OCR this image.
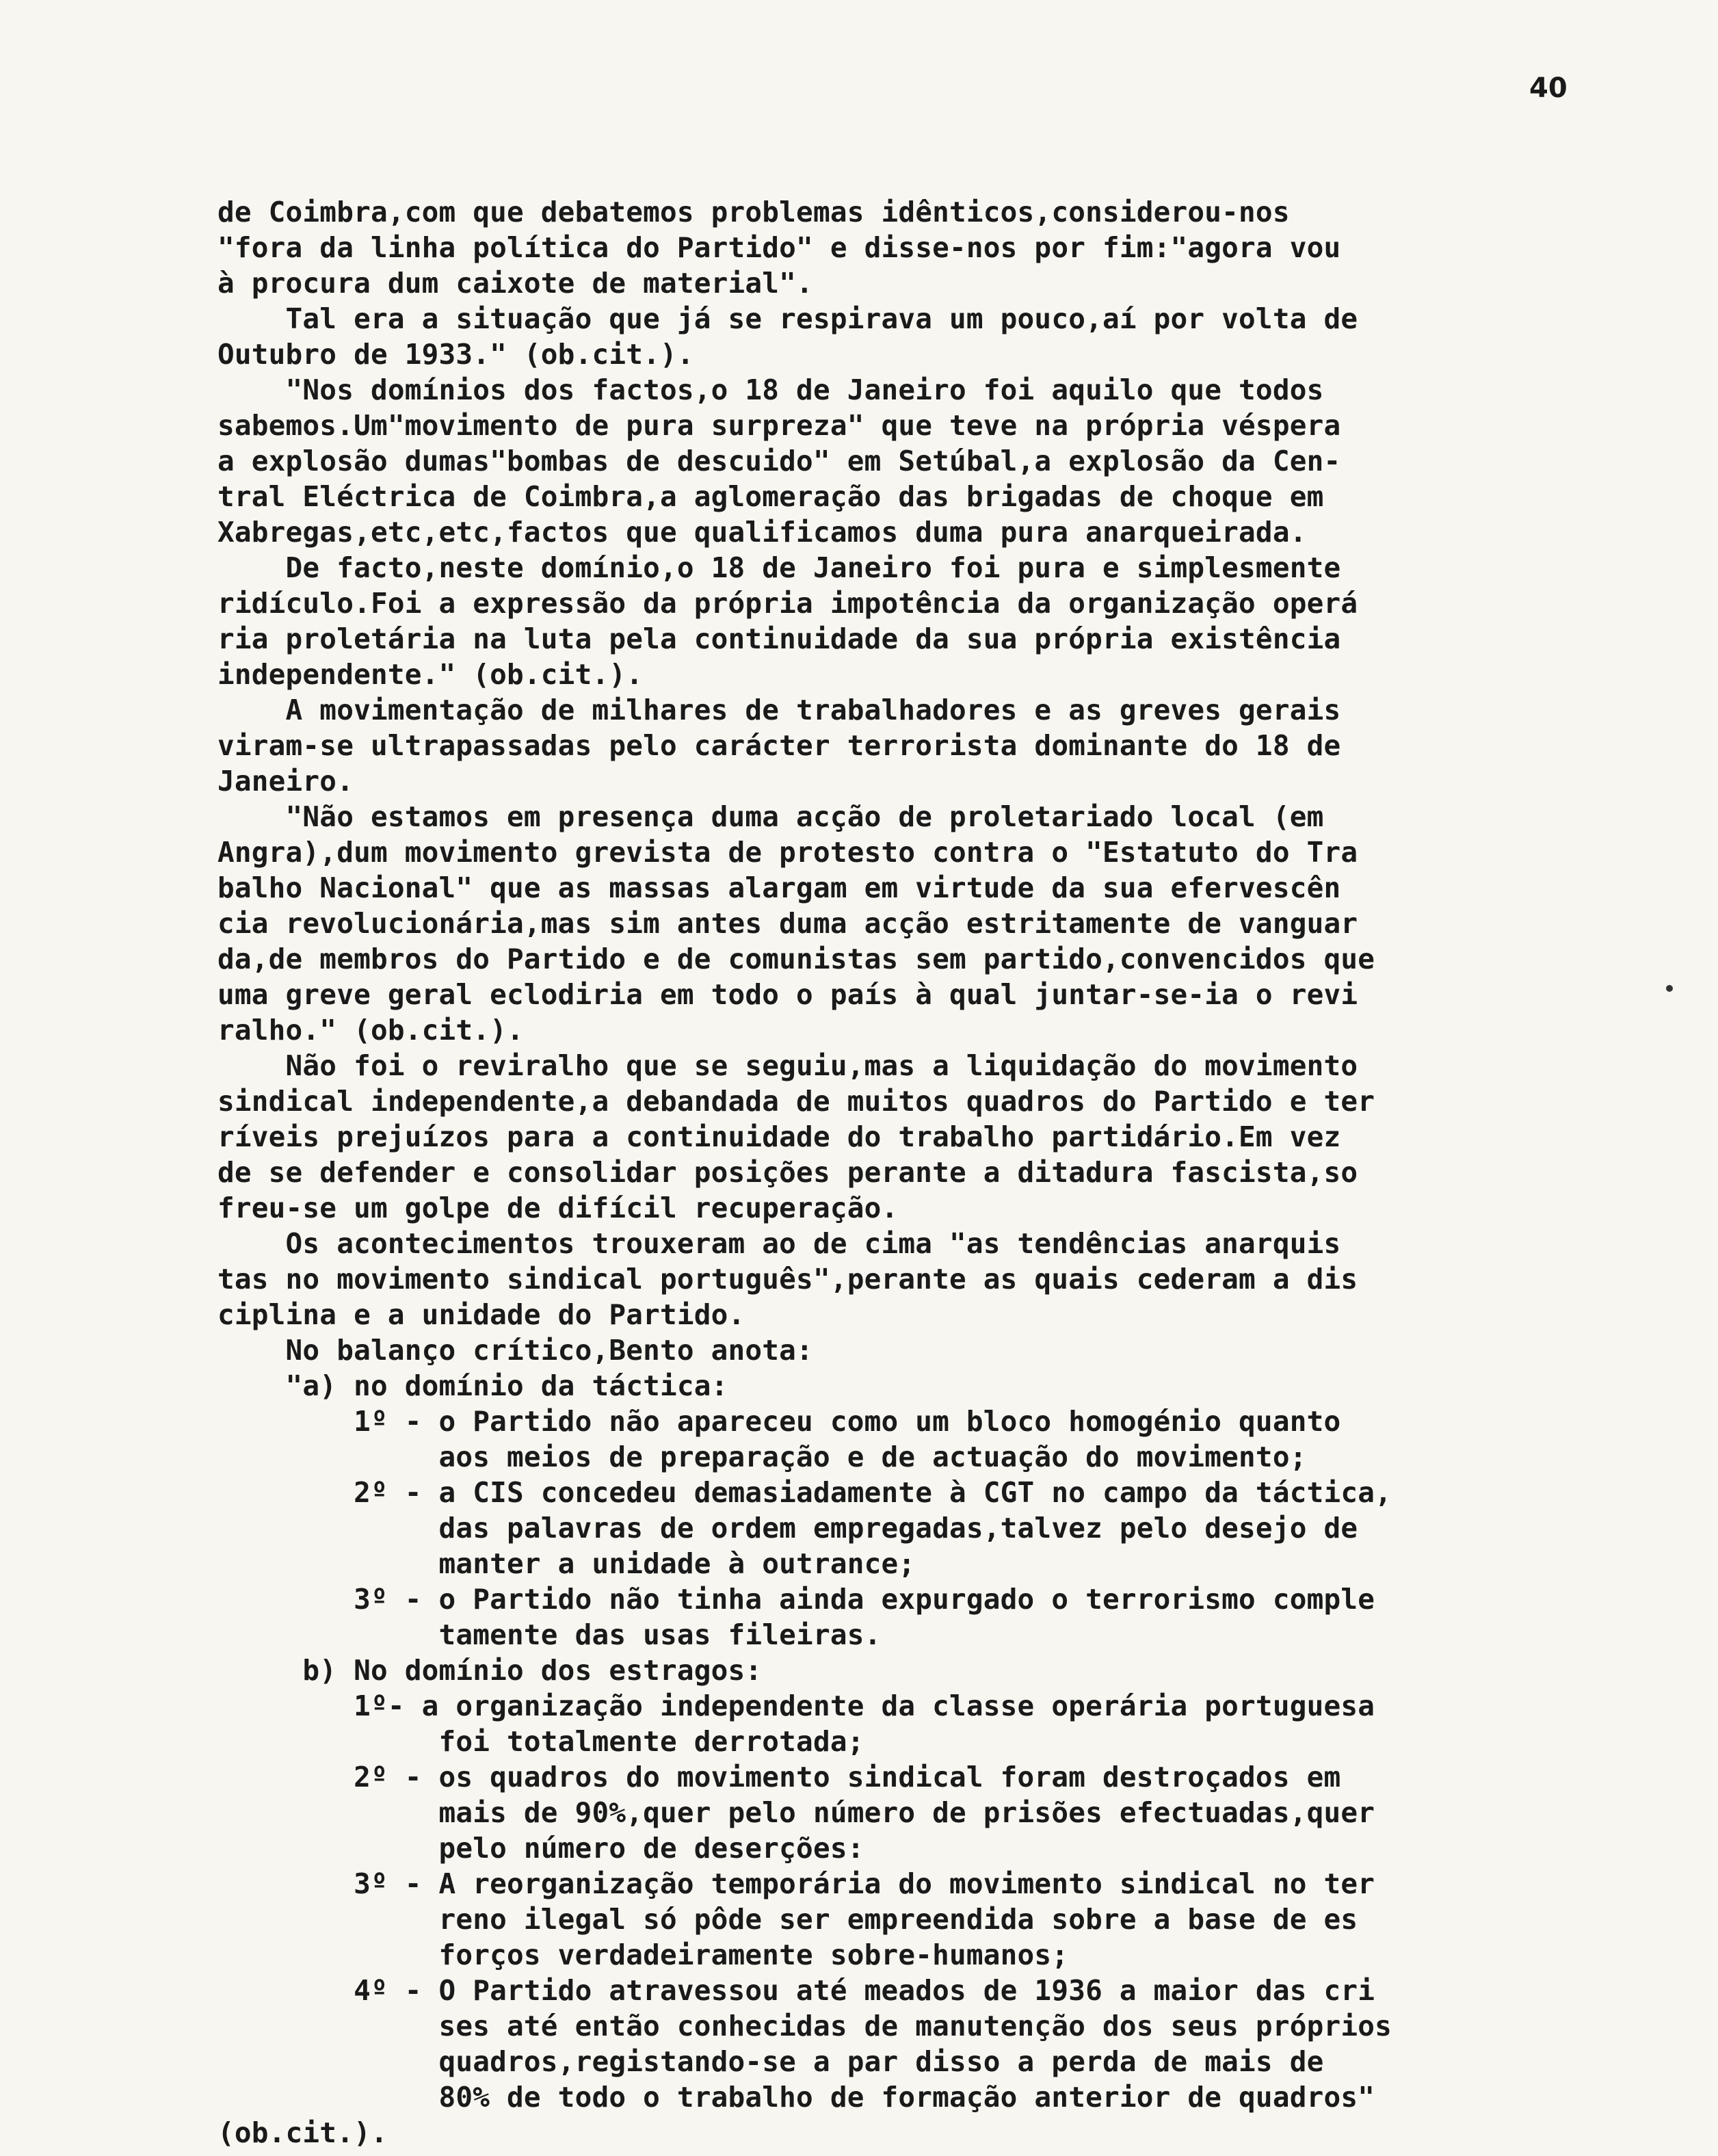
40
de Coimbra,com que debatemos problemas idênticos,considerou-nos
"fora da linha política do Partido" e disse-nos por fim:"agora vou
à procura dum caixote de material".
Tal era a situação que já se respirava um pouco,aí por volta de
Outubro de 1933." (ob.cit.).
"Nos domínios dos factos,o 18 de Janeiro foi aquilo que todos
sabemos.Um"movimento de pura surpreza" que teve na própria véspera
a explosão dumas"bombas de descuido" em Setúbal,a explosão da Cen-
tral Eléctrica de Coimbra,a aglomeração das brigadas de choque em
Xabregas,etc,etc,factos que qualificamos duma pura anarqueirada.
De facto,neste domínio,o 18 de Janeiro foi pura e simplesmente
ridículo.Foi a expressão da própria impotência da organização operá
ria proletária na luta pela continuidade da sua própria existência
independente." (ob.cit.).
A movimentação de milhares de trabalhadores e as greves gerais
viram-se ultrapassadas pelo carácter terrorista dominante do 18 de
Janeiro.
"Não estamos em presença duma acção de proletariado local (em
Angra),dum movimento grevista de protesto contra o "Estatuto do Tra
balho Nacional" que as massas alargam em virtude da sua efervescên
cia revolucionária,mas sim antes duma acção estritamente de vanguar
da,de membros do Partido e de comunistas sem partido,convencidos que
uma greve geral eclodiria em todo o país à qual juntar-se-ia o revi
ralho." (ob.cit.).
Não foi o reviralho que se seguiu,mas a liquidação do movimento
sindical independente,a debandada de muitos quadros do Partido e ter
ríveis prejuízos para a continuidade do trabalho partidário.Em vez
de se defender e consolidar posições perante a ditadura fascista,so
freu-se um golpe de difícil recuperação.
Os acontecimentos trouxeram ao de cima "as tendências anarquis
tas no movimento sindical português",perante as quais cederam a dis
ciplina e a unidade do Partido.
No balanço crítico,Bento anota:
"a) no domínio da táctica:
1º - o Partido não apareceu como um bloco homogénio quanto
aos meios de preparação e de actuação do movimento;
2º - a CIS concedeu demasiadamente à CGT no campo da táctica,
das palavras de ordem empregadas,talvez pelo desejo de
manter a unidade à outrance;
3º - o Partido não tinha ainda expurgado o terrorismo comple
tamente das usas fileiras.
b) No domínio dos estragos:
1º- a organização independente da classe operária portuguesa
foi totalmente derrotada;
2º - os quadros do movimento sindical foram destroçados em
mais de 90%,quer pelo número de prisões efectuadas,quer
pelo número de deserções:
3º - A reorganização temporária do movimento sindical no ter
reno ilegal só pôde ser empreendida sobre a base de es
forços verdadeiramente sobre-humanos;
4º - O Partido atravessou até meados de 1936 a maior das cri
ses até então conhecidas de manutenção dos seus próprios
quadros,registando-se a par disso a perda de mais de
80% de todo o trabalho de formação anterior de quadros"
(ob.cit.).
